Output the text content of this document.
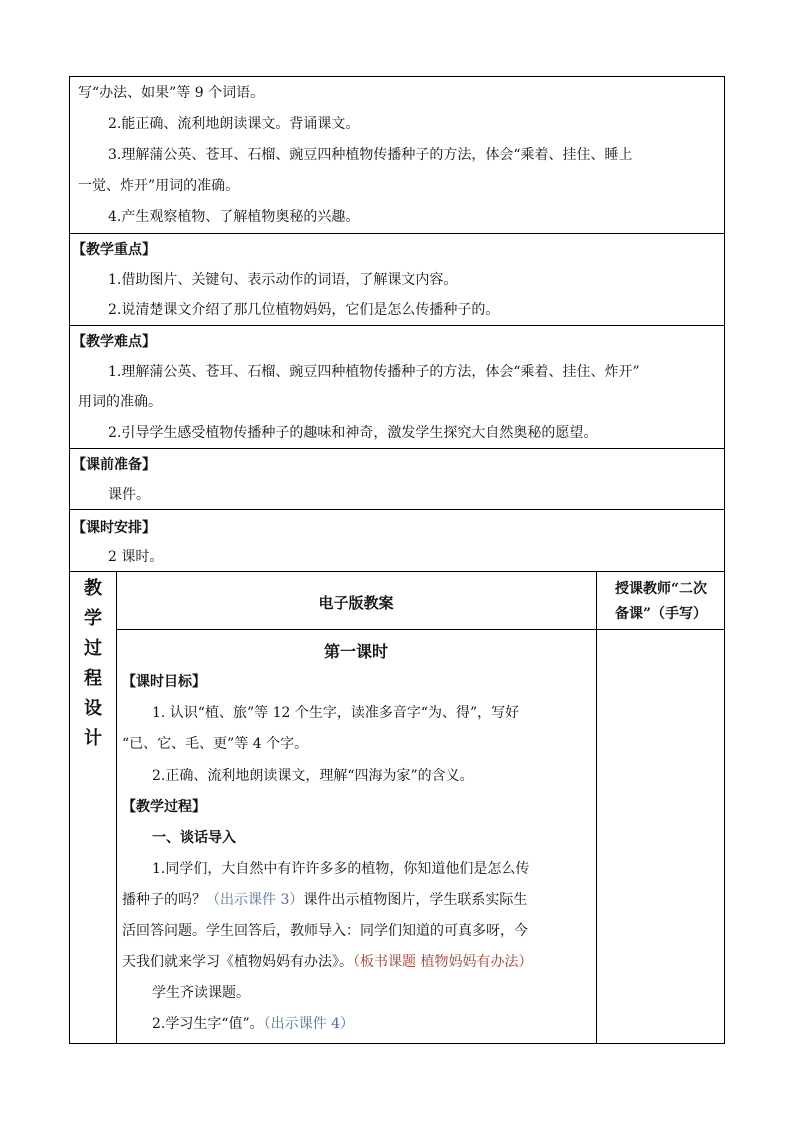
写“办法、如果”等 9 个词语。
2.能正确、流利地朗读课文。背诵课文。
3.理解蒲公英、苍耳、石榴、豌豆四种植物传播种子的方法，体会“乘着、挂住、睡上
一觉、炸开”用词的准确。
4.产生观察植物、了解植物奥秘的兴趣。
【教学重点】
1.借助图片、关键句、表示动作的词语，了解课文内容。
2.说清楚课文介绍了那几位植物妈妈，它们是怎么传播种子的。
【教学难点】
1.理解蒲公英、苍耳、石榴、豌豆四种植物传播种子的方法，体会“乘着、挂住、炸开”
用词的准确。
2.引导学生感受植物传播种子的趣味和神奇，激发学生探究大自然奥秘的愿望。
【课前准备】
课件。
【课时安排】
2 课时。
教
学
过
程
设
计
电子版教案
授课教师“二次
备课”（手写）
第一课时
【课时目标】
1. 认识“植、旅”等 12 个生字，读准多音字“为、得”，写好
“已、它、毛、更”等 4 个字。
2.正确、流利地朗读课文，理解“四海为家”的含义。
【教学过程】
一、谈话导入
1.同学们，大自然中有许许多多的植物，你知道他们是怎么传
播种子的吗？（出示课件 3）课件出示植物图片，学生联系实际生
活回答问题。学生回答后，教师导入：同学们知道的可真多呀，今
天我们就来学习《植物妈妈有办法》。（板书课题 植物妈妈有办法）
学生齐读课题。
2.学习生字“值”。（出示课件 4）
